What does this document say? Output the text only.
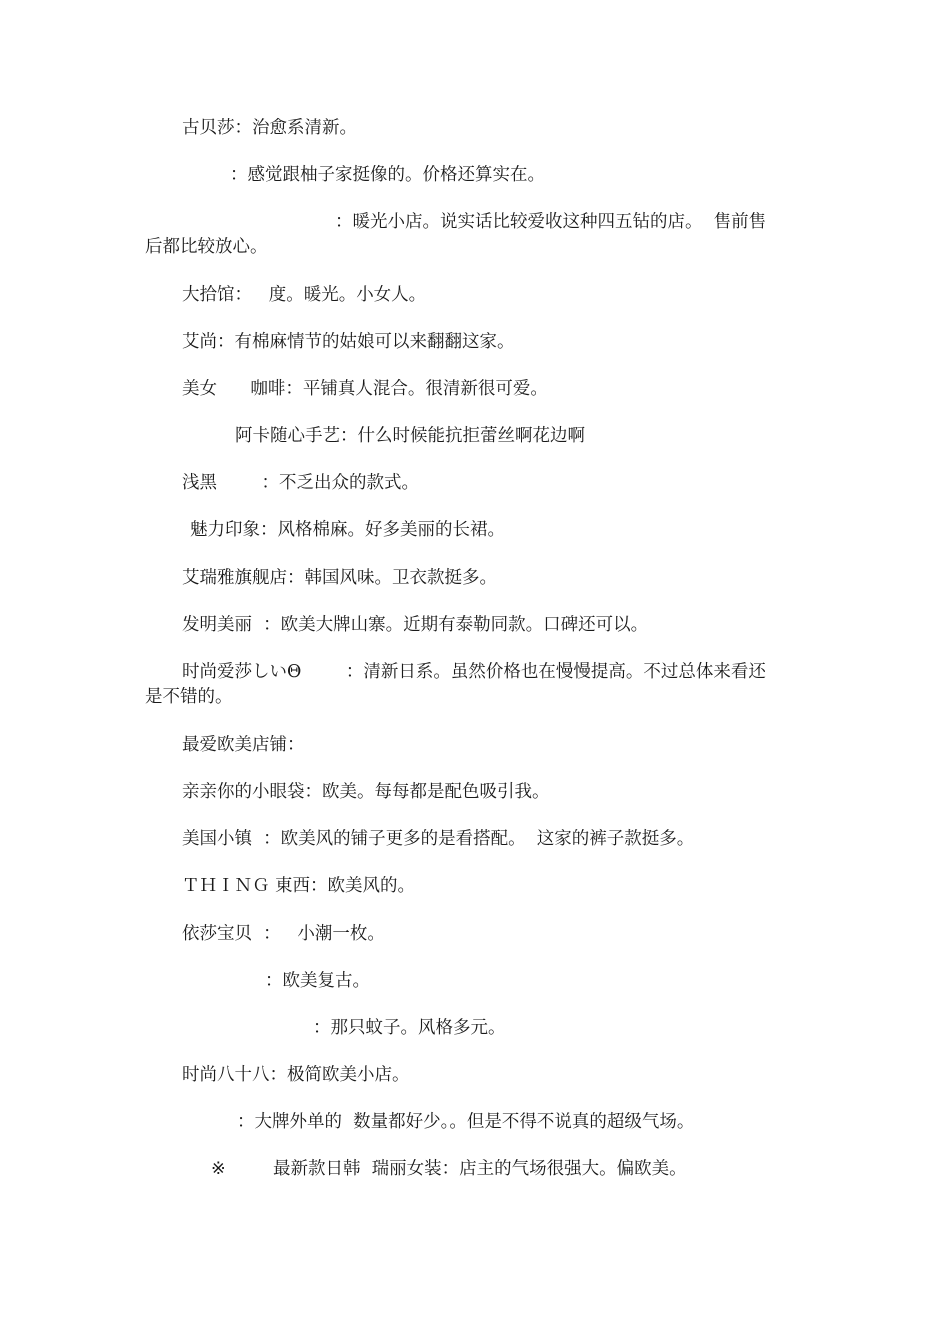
古贝莎：治愈系清新。
：感觉跟柚子家挺像的。价格还算实在。
：暖光小店。说实话比较爱收这种四五钻的店。  售前售
后都比较放心。
大拾馆：   度。暖光。小女人。
艾尚：有棉麻情节的姑娘可以来翻翻这家。
美女      咖啡：平铺真人混合。很清新很可爱。
阿卡随心手艺：什么时候能抗拒蕾丝啊花边啊
浅黑        ：不乏出众的款式。
魅力印象：风格棉麻。好多美丽的长裙。
艾瑞雅旗舰店：韩国风味。卫衣款挺多。
发明美丽  ：欧美大牌山寨。近期有泰勒同款。口碑还可以。
时尚爱莎しいΘ        ：清新日系。虽然价格也在慢慢提高。不过总体来看还
是不错的。
最爱欧美店铺：
亲亲你的小眼袋：欧美。每每都是配色吸引我。
美国小镇  ：欧美风的铺子更多的是看搭配。  这家的裤子款挺多。
ＴＨＩＮＧ 東西：欧美风的。
依莎宝贝  ：   小潮一枚。
：欧美复古。
：那只蚊子。风格多元。
时尚八十八：极简欧美小店。
：大牌外单的  数量都好少。。但是不得不说真的超级气场。
※	最新款日韩  瑞丽女装：店主的气场很强大。偏欧美。
